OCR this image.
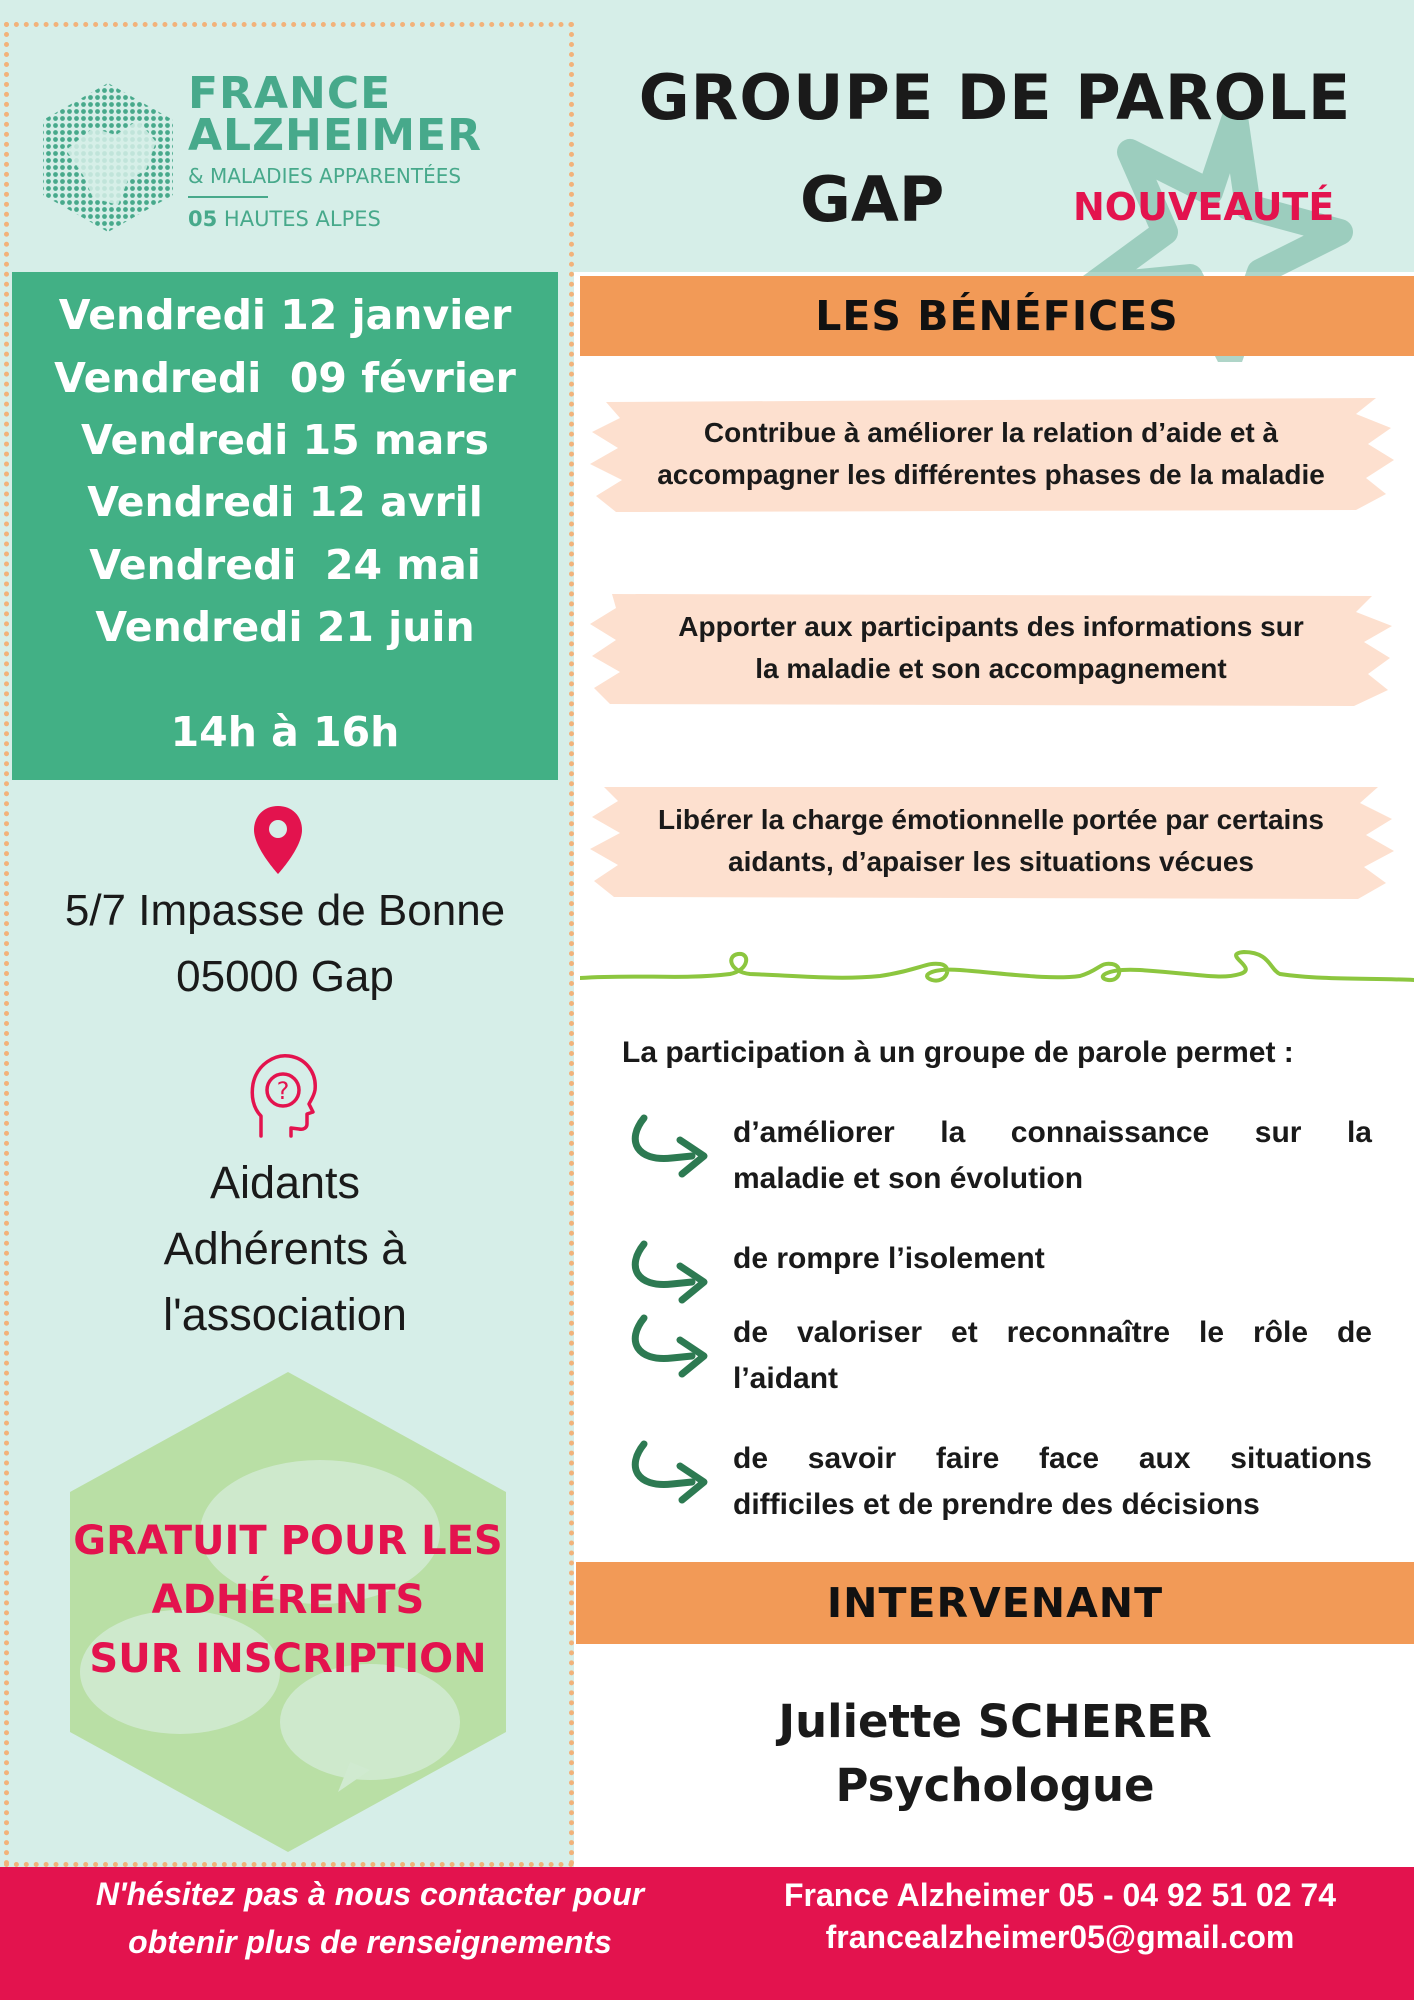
FRANCE
ALZHEIMER
& MALADIES APPARENTÉES
05 HAUTES ALPES
Vendredi 12 janvier
Vendredi  09 février
Vendredi 15 mars
Vendredi 12 avril
Vendredi  24 mai
Vendredi 21 juin
14h à 16h
5/7 Impasse de Bonne
05000 Gap
?
Aidants
Adhérents à
l'association
GRATUIT POUR LES
ADHÉRENTS
SUR INSCRIPTION
GROUPE DE PAROLE
GAP	NOUVEAUTÉ
LES BÉNÉFICES
Contribue à améliorer la relation d’aide et à
accompagner les différentes phases de la maladie
Apporter aux participants des informations sur
la maladie et son accompagnement
Libérer la charge émotionnelle portée par certains
aidants, d’apaiser les situations vécues
La participation à un groupe de parole permet :
d’améliorer la connaissance sur la
maladie et son évolution
de rompre l’isolement
de valoriser et reconnaître le rôle de
l’aidant
de savoir faire face aux situations
difficiles et de prendre des décisions
INTERVENANT
Juliette SCHERER
Psychologue
N'hésitez pas à nous contacter pour
obtenir plus de renseignements
France Alzheimer 05 - 04 92 51 02 74
francealzheimer05@gmail.com
